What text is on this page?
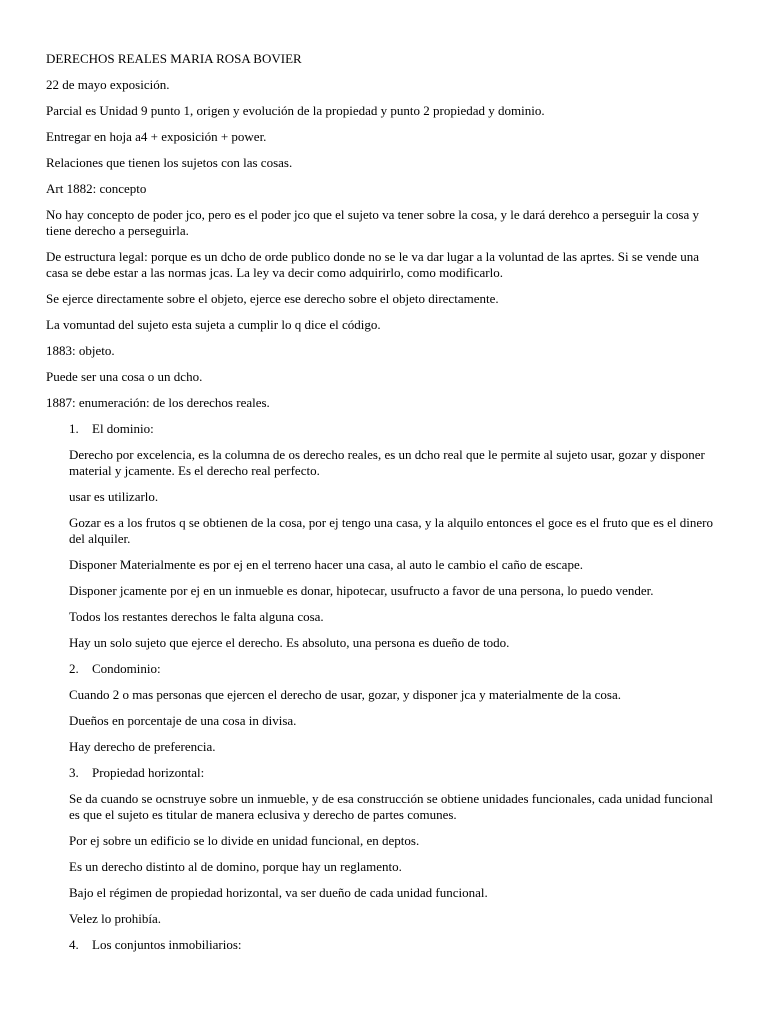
DERECHOS REALES MARIA ROSA BOVIER

22 de mayo exposición.

Parcial es Unidad 9 punto 1, origen y evolución de la propiedad y punto 2 propiedad y dominio.

Entregar en hoja a4 + exposición + power.

Relaciones que tienen los sujetos con las cosas.

Art 1882: concepto

No hay concepto de poder jco, pero es el poder jco que el sujeto va tener sobre la cosa, y le dará derehco a perseguir la cosa y tiene derecho a perseguirla.

De estructura legal: porque es un dcho de orde publico donde no se le va dar lugar a la voluntad de las aprtes. Si se vende una casa se debe estar a las normas jcas. La ley va decir como adquirirlo, como modificarlo.

Se ejerce directamente sobre el objeto, ejerce ese derecho sobre el objeto directamente.

La vomuntad del sujeto esta sujeta a cumplir lo q dice el código.

1883: objeto.

Puede ser una cosa o un dcho.

1887: enumeración: de los derechos reales.

1. El dominio:

Derecho por excelencia, es la columna de os derecho reales, es un dcho real que le permite al sujeto usar, gozar y disponer material y jcamente. Es el derecho real perfecto.

usar es utilizarlo.

Gozar es a los frutos q se obtienen de la cosa, por ej tengo una casa, y la alquilo entonces el goce es el fruto que es el dinero del alquiler.

Disponer Materialmente es por ej en el terreno hacer una casa, al auto le cambio el caño de escape.

Disponer jcamente por ej en un inmueble es donar, hipotecar, usufructo a favor de una persona, lo puedo vender.

Todos los restantes derechos le falta alguna cosa.

Hay un solo sujeto que ejerce el derecho. Es absoluto, una persona es dueño de todo.

2. Condominio:

Cuando 2 o mas personas que ejercen el derecho de usar, gozar, y disponer jca y materialmente de la cosa.

Dueños en porcentaje de una cosa in divisa.

Hay derecho de preferencia.

3. Propiedad horizontal:

Se da cuando se ocnstruye sobre un inmueble, y de esa construcción se obtiene unidades funcionales, cada unidad funcional es que el sujeto es titular de manera eclusiva y derecho de partes comunes.

Por ej sobre un edificio se lo divide en unidad funcional, en deptos.

Es un derecho distinto al de domino, porque hay un reglamento.

Bajo el régimen de propiedad horizontal, va ser dueño de cada unidad funcional.

Velez lo prohibía.

4. Los conjuntos inmobiliarios:
